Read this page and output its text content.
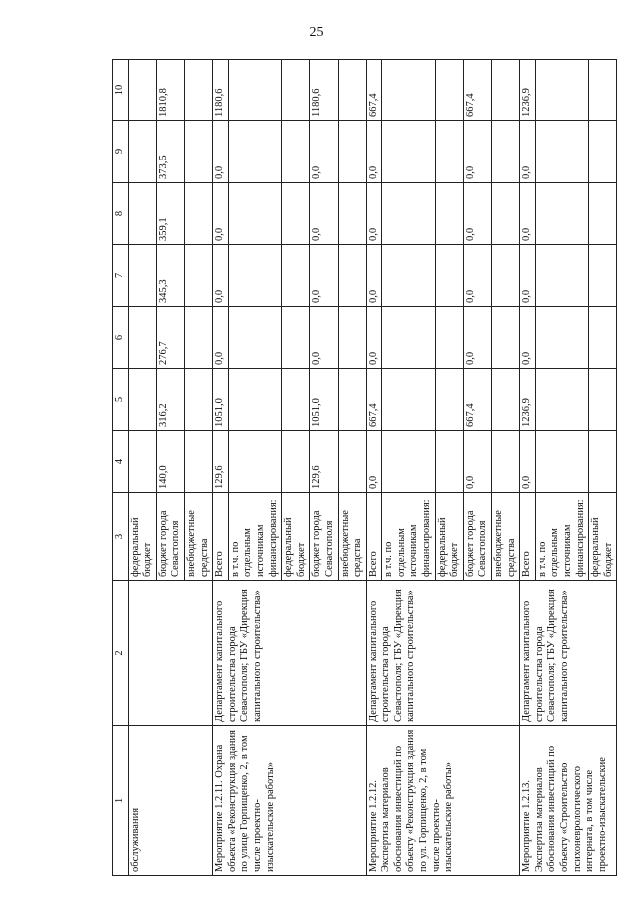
25
1	2	3	4	5	6	7	8	9	10
обслуживания		федеральный бюджет							
		бюджет города Севастополя	140,0	316,2	276,7	345,3	359,1	373,5	1810,8
		внебюджетные средства							
Мероприятие 1.2.11. Охрана объекта «Реконструкция здания по улице Горпищенко, 2, в том числе проектно-изыскательские работы»	Департамент капитального строительства города Севастополя; ГБУ «Дирекция капитального строительства»	Всего	129,6	1051,0	0,0	0,0	0,0	0,0	1180,6
		в т.ч. по отдельным источникам финансирования:							
		федеральный бюджет							
		бюджет города Севастополя	129,6	1051,0	0,0	0,0	0,0	0,0	1180,6
		внебюджетные средства							
Мероприятие 1.2.12. Экспертиза материалов обоснования инвестиций по объекту «Реконструкция здания по ул. Горпищенко, 2, в том числе проектно-изыскательские работы»	Департамент капитального строительства города Севастополя; ГБУ «Дирекция капитального строительства»	Всего	0,0	667,4	0,0	0,0	0,0	0,0	667,4
		в т.ч. по отдельным источникам финансирования:							
		федеральный бюджет							
		бюджет города Севастополя	0,0	667,4	0,0	0,0	0,0	0,0	667,4
		внебюджетные средства							
Мероприятие 1.2.13. Экспертиза материалов обоснования инвестиций по объекту «Строительство психоневрологического интерната, в том числе проектно-изыскательские	Департамент капитального строительства города Севастополя; ГБУ «Дирекция капитального строительства»	Всего	0,0	1236,9	0,0	0,0	0,0	0,0	1236,9
		в т.ч. по отдельным источникам финансирования:							
		федеральный бюджет							
